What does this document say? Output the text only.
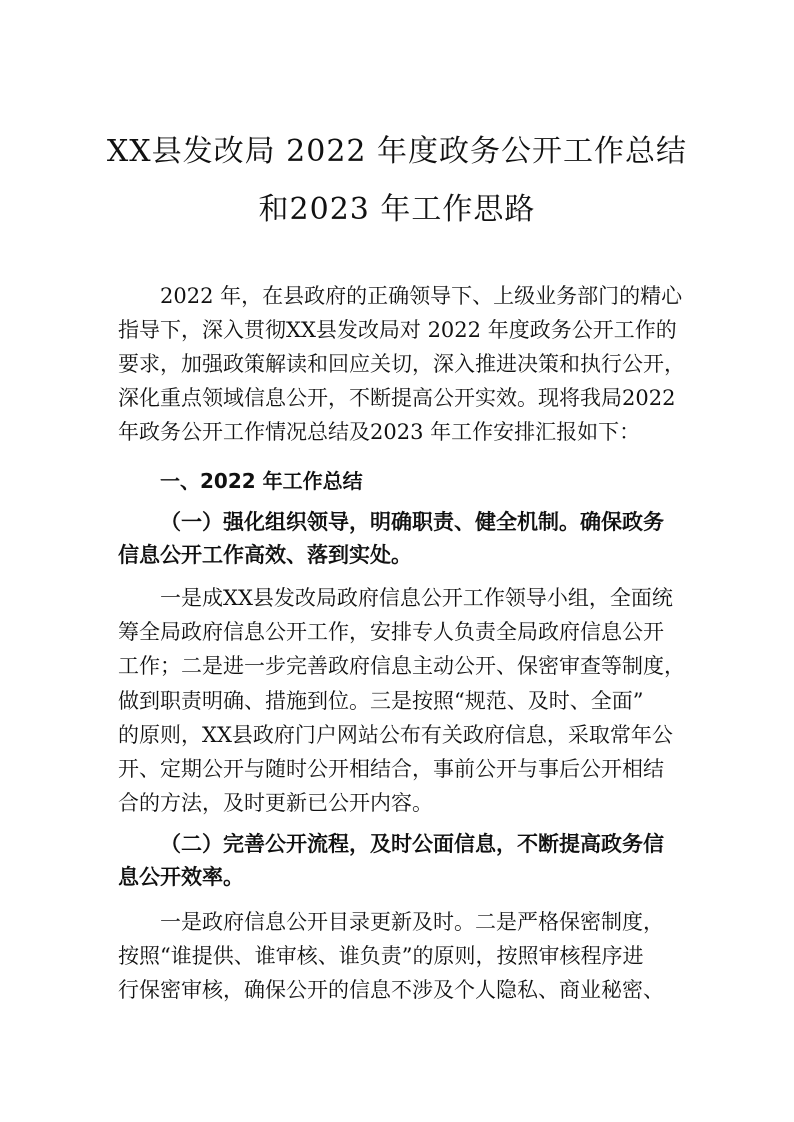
XX县发改局 2022 年度政务公开工作总结
和2023 年工作思路
2022 年，在县政府的正确领导下、上级业务部门的精心
指导下，深入贯彻XX县发改局对 2022 年度政务公开工作的
要求，加强政策解读和回应关切，深入推进决策和执行公开，
深化重点领域信息公开，不断提高公开实效。现将我局2022
年政务公开工作情况总结及2023 年工作安排汇报如下：
一、2022 年工作总结
（一）强化组织领导，明确职责、健全机制。确保政务
信息公开工作高效、落到实处。
一是成XX县发改局政府信息公开工作领导小组，全面统
筹全局政府信息公开工作，安排专人负责全局政府信息公开
工作；二是进一步完善政府信息主动公开、保密审查等制度，
做到职责明确、措施到位。三是按照“规范、及时、全面”
的原则，XX县政府门户网站公布有关政府信息，采取常年公
开、定期公开与随时公开相结合，事前公开与事后公开相结
合的方法，及时更新已公开内容。
（二）完善公开流程，及时公面信息，不断提高政务信
息公开效率。
一是政府信息公开目录更新及时。二是严格保密制度，
按照“谁提供、谁审核、谁负责”的原则，按照审核程序进
行保密审核，确保公开的信息不涉及个人隐私、商业秘密、
